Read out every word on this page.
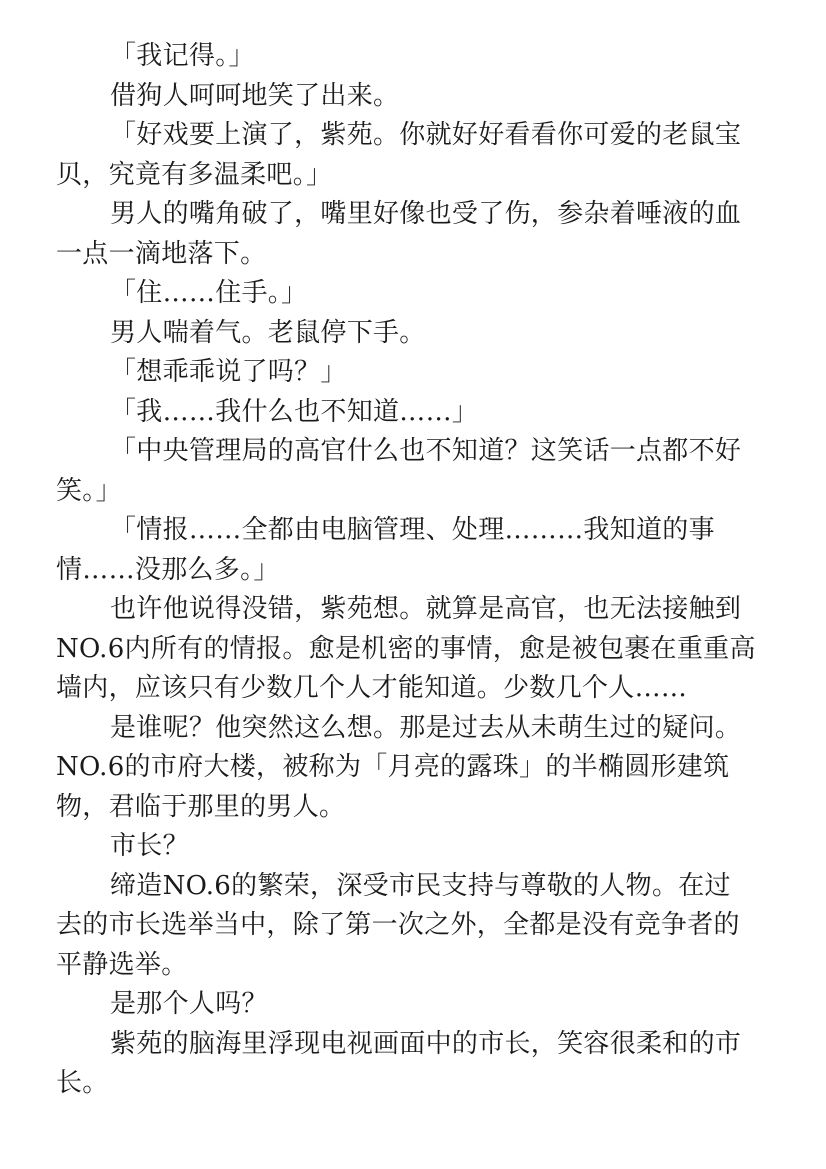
「我记得。」

借狗人呵呵地笑了出来。

「好戏要上演了，紫苑。你就好好看看你可爱的老鼠宝贝，究竟有多温柔吧。」

男人的嘴角破了，嘴里好像也受了伤，参杂着唾液的血一点一滴地落下。

「住……住手。」

男人喘着气。老鼠停下手。

「想乖乖说了吗？」

「我……我什么也不知道……」

「中央管理局的高官什么也不知道？这笑话一点都不好笑。」

「情报……全都由电脑管理、处理………我知道的事情……没那么多。」

也许他说得没错，紫苑想。就算是高官，也无法接触到NO.6内所有的情报。愈是机密的事情，愈是被包裹在重重高墙内，应该只有少数几个人才能知道。少数几个人……

是谁呢？他突然这么想。那是过去从未萌生过的疑问。NO.6的市府大楼，被称为「月亮的露珠」的半椭圆形建筑物，君临于那里的男人。

市长？

缔造NO.6的繁荣，深受市民支持与尊敬的人物。在过去的市长选举当中，除了第一次之外，全都是没有竞争者的平静选举。

是那个人吗？

紫苑的脑海里浮现电视画面中的市长，笑容很柔和的市长。
